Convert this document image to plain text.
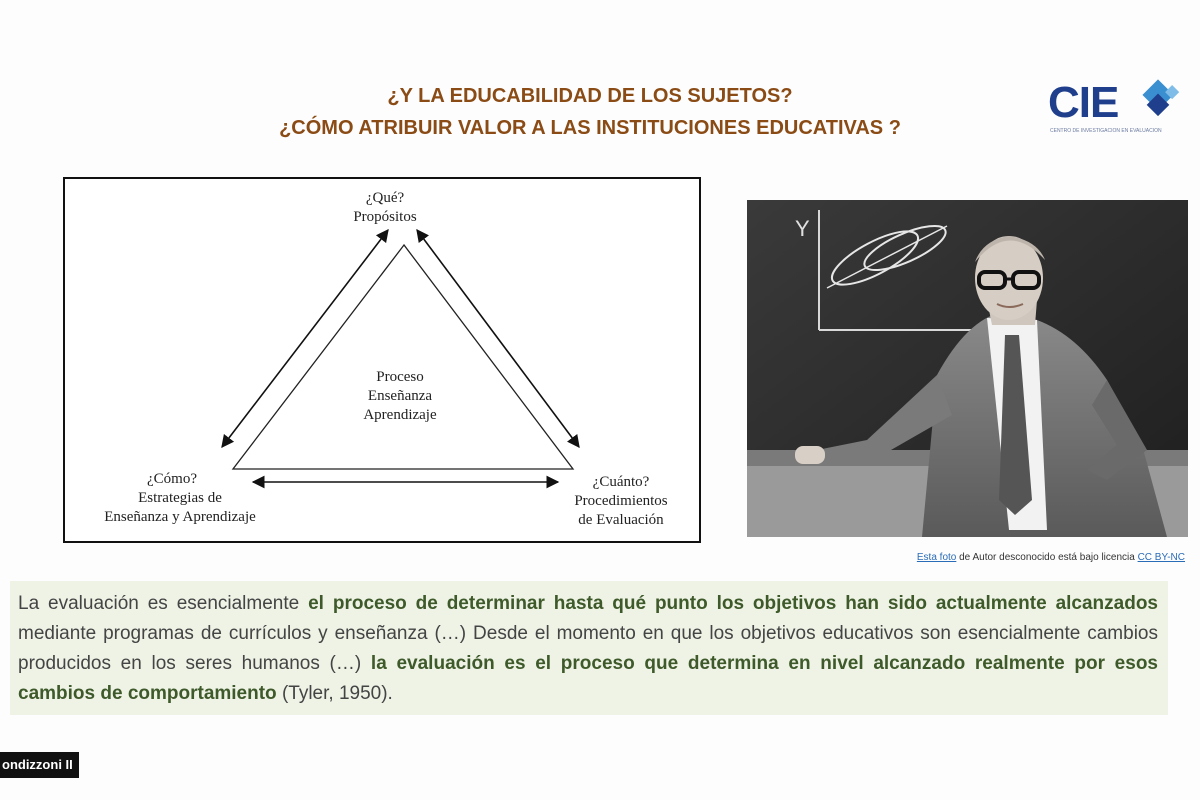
¿Y LA EDUCABILIDAD DE LOS SUJETOS?
¿CÓMO ATRIBUIR VALOR A LAS INSTITUCIONES EDUCATIVAS ?
CIE
CENTRO DE INVESTIGACIÓN EN EVALUACIÓN
¿Qué?
Propósitos
Proceso
Enseñanza
Aprendizaje
¿Cómo?
Estrategias de
Enseñanza y Aprendizaje
¿Cuánto?
Procedimientos
de Evaluación
Y
Esta foto de Autor desconocido está bajo licencia CC BY-NC
La evaluación es esencialmente el proceso de determinar hasta qué punto los objetivos han sido actualmente alcanzados mediante programas de currículos y enseñanza (…) Desde el momento en que los objetivos educativos son esencialmente cambios producidos en los seres humanos (…) la evaluación es el proceso que determina en nivel alcanzado realmente por esos cambios de comportamiento (Tyler, 1950).
ondizzoni II
